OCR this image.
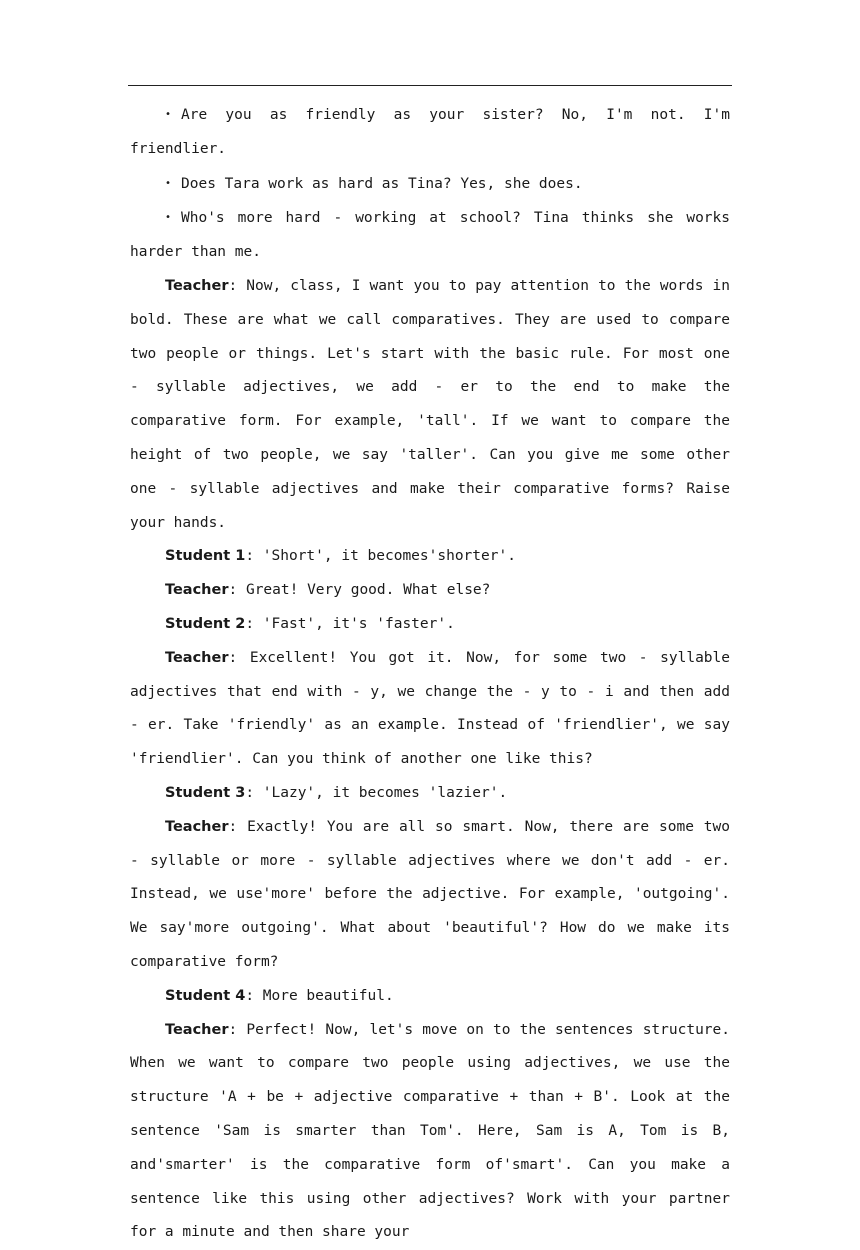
• Are you as friendly as your sister? No, I'm not. I'm friendlier.

• Does Tara work as hard as Tina? Yes, she does.

• Who's more hard - working at school? Tina thinks she works harder than me.

Teacher: Now, class, I want you to pay attention to the words in bold. These are what we call comparatives. They are used to compare two people or things. Let's start with the basic rule. For most one - syllable adjectives, we add - er to the end to make the comparative form. For example, 'tall'. If we want to compare the height of two people, we say 'taller'. Can you give me some other one - syllable adjectives and make their comparative forms? Raise your hands.

Student 1: 'Short', it becomes'shorter'.

Teacher: Great! Very good. What else?

Student 2: 'Fast', it's 'faster'.

Teacher: Excellent! You got it. Now, for some two - syllable adjectives that end with - y, we change the - y to - i and then add - er. Take 'friendly' as an example. Instead of 'friendlier', we say 'friendlier'. Can you think of another one like this?

Student 3: 'Lazy', it becomes 'lazier'.

Teacher: Exactly! You are all so smart. Now, there are some two - syllable or more - syllable adjectives where we don't add - er. Instead, we use'more' before the adjective. For example, 'outgoing'. We say'more outgoing'. What about 'beautiful'? How do we make its comparative form?

Student 4: More beautiful.

Teacher: Perfect! Now, let's move on to the sentences structure. When we want to compare two people using adjectives, we use the structure 'A + be + adjective comparative + than + B'. Look at the sentence 'Sam is smarter than Tom'. Here, Sam is A, Tom is B, and'smarter' is the comparative form of'smart'. Can you make a sentence like this using other adjectives? Work with your partner for a minute and then share your
